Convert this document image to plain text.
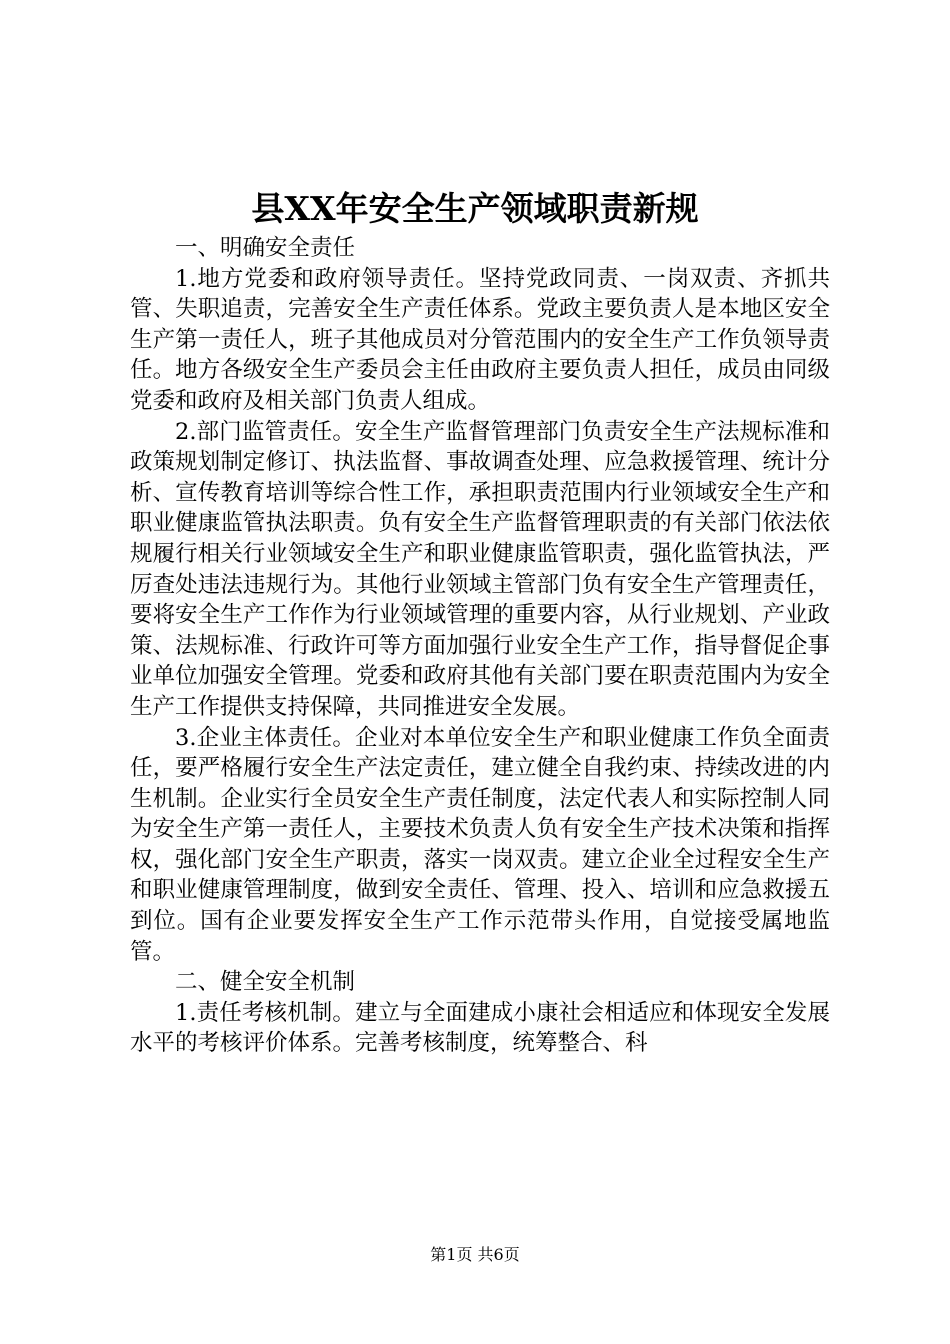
县XX年安全生产领域职责新规

一、明确安全责任

1.地方党委和政府领导责任。坚持党政同责、一岗双责、齐抓共管、失职追责，完善安全生产责任体系。党政主要负责人是本地区安全生产第一责任人，班子其他成员对分管范围内的安全生产工作负领导责任。地方各级安全生产委员会主任由政府主要负责人担任，成员由同级党委和政府及相关部门负责人组成。

2.部门监管责任。安全生产监督管理部门负责安全生产法规标准和政策规划制定修订、执法监督、事故调查处理、应急救援管理、统计分析、宣传教育培训等综合性工作，承担职责范围内行业领域安全生产和职业健康监管执法职责。负有安全生产监督管理职责的有关部门依法依规履行相关行业领域安全生产和职业健康监管职责，强化监管执法，严厉查处违法违规行为。其他行业领域主管部门负有安全生产管理责任，要将安全生产工作作为行业领域管理的重要内容，从行业规划、产业政策、法规标准、行政许可等方面加强行业安全生产工作，指导督促企事业单位加强安全管理。党委和政府其他有关部门要在职责范围内为安全生产工作提供支持保障，共同推进安全发展。

3.企业主体责任。企业对本单位安全生产和职业健康工作负全面责任，要严格履行安全生产法定责任，建立健全自我约束、持续改进的内生机制。企业实行全员安全生产责任制度，法定代表人和实际控制人同为安全生产第一责任人，主要技术负责人负有安全生产技术决策和指挥权，强化部门安全生产职责，落实一岗双责。建立企业全过程安全生产和职业健康管理制度，做到安全责任、管理、投入、培训和应急救援五到位。国有企业要发挥安全生产工作示范带头作用，自觉接受属地监管。

二、健全安全机制

1.责任考核机制。建立与全面建成小康社会相适应和体现安全发展水平的考核评价体系。完善考核制度，统筹整合、科

第1页 共6页
